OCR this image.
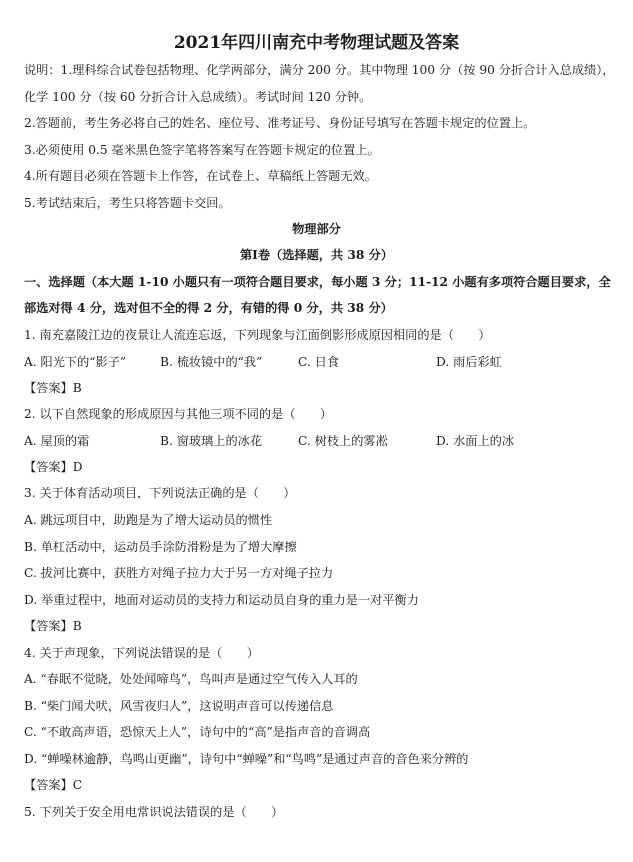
2021年四川南充中考物理试题及答案
说明：1.理科综合试卷包括物理、化学两部分，满分 200 分。其中物理 100 分（按 90 分折合计入总成绩），
化学 100 分（按 60 分折合计入总成绩）。考试时间 120 分钟。
2.答题前，考生务必将自己的姓名、座位号、准考证号、身份证号填写在答题卡规定的位置上。
3.必须使用 0.5 毫米黑色签字笔将答案写在答题卡规定的位置上。
4.所有题目必须在答题卡上作答，在试卷上、草稿纸上答题无效。
5.考试结束后，考生只将答题卡交回。
物理部分
第Ⅰ卷（选择题，共 38 分）
一、选择题（本大题 1-10 小题只有一项符合题目要求，每小题 3 分；11-12 小题有多项符合题目要求，全
部选对得 4 分，选对但不全的得 2 分，有错的得 0 分，共 38 分）
1. 南充嘉陵江边的夜景让人流连忘返，下列现象与江面倒影形成原因相同的是（　　）
A. 阳光下的“影子”	B. 梳妆镜中的“我”	C. 日食	D. 雨后彩虹
【答案】B
2. 以下自然现象的形成原因与其他三项不同的是（　　）
A. 屋顶的霜	B. 窗玻璃上的冰花	C. 树枝上的雾凇	D. 水面上的冰
【答案】D
3. 关于体育活动项目，下列说法正确的是（　　）
A. 跳远项目中，助跑是为了增大运动员的惯性
B. 单杠活动中，运动员手涂防滑粉是为了增大摩擦
C. 拔河比赛中，获胜方对绳子拉力大于另一方对绳子拉力
D. 举重过程中，地面对运动员的支持力和运动员自身的重力是一对平衡力
【答案】B
4. 关于声现象，下列说法错误的是（　　）
A. “春眠不觉晓，处处闻啼鸟”，鸟叫声是通过空气传入人耳的
B. “柴门闻犬吠，风雪夜归人”，这说明声音可以传递信息
C. “不敢高声语，恐惊天上人”，诗句中的“高”是指声音的音调高
D. “蝉噪林逾静，鸟鸣山更幽”，诗句中“蝉噪”和“鸟鸣”是通过声音的音色来分辨的
【答案】C
5. 下列关于安全用电常识说法错误的是（　　）
